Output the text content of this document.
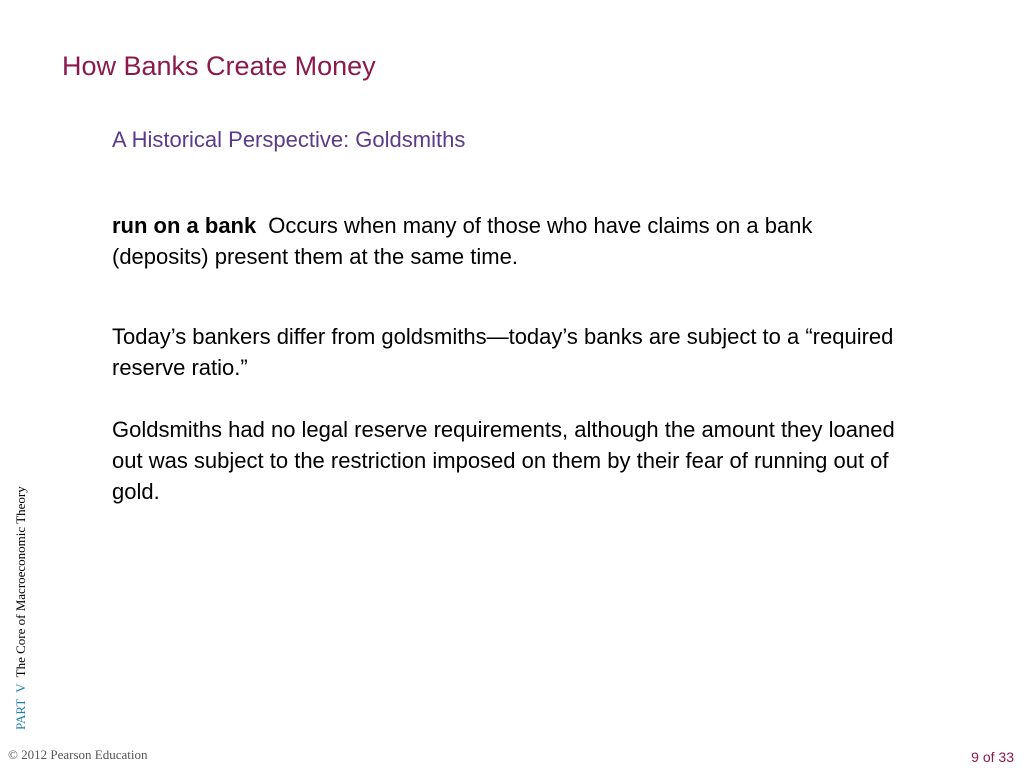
How Banks Create Money
A Historical Perspective: Goldsmiths

run on a bank Occurs when many of those who have claims on a bank (deposits) present them at the same time.

Today’s bankers differ from goldsmiths—today’s banks are subject to a “required reserve ratio.”

Goldsmiths had no legal reserve requirements, although the amount they loaned out was subject to the restriction imposed on them by their fear of running out of gold.

PARTVThe Core of Macroeconomic Theory
© 2012 Pearson Education	9 of 33
